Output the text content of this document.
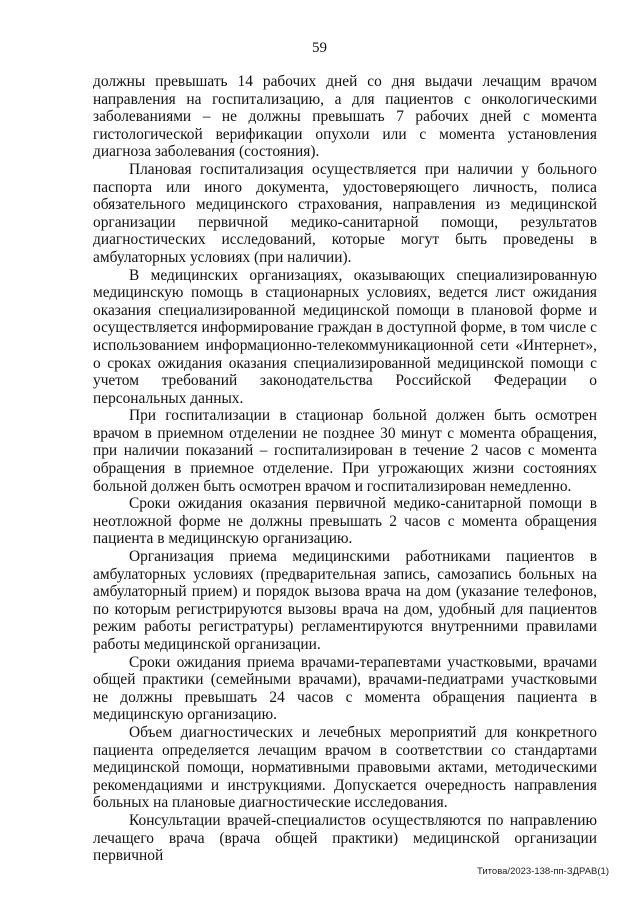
59

должны превышать 14 рабочих дней со дня выдачи лечащим врачом направления на госпитализацию, а для пациентов с онкологическими заболеваниями – не должны превышать 7 рабочих дней с момента гистологической верификации опухоли или с момента установления диагноза заболевания (состояния).

Плановая госпитализация осуществляется при наличии у больного паспорта или иного документа, удостоверяющего личность, полиса обязательного медицинского страхования, направления из медицинской организации первичной медико-санитарной помощи, результатов диагностических исследований, которые могут быть проведены в амбулаторных условиях (при наличии).

В медицинских организациях, оказывающих специализированную медицинскую помощь в стационарных условиях, ведется лист ожидания оказания специализированной медицинской помощи в плановой форме и осуществляется информирование граждан в доступной форме, в том числе с использованием информационно-телекоммуникационной сети «Интернет», о сроках ожидания оказания специализированной медицинской помощи с учетом требований законодательства Российской Федерации о персональных данных.

При госпитализации в стационар больной должен быть осмотрен врачом в приемном отделении не позднее 30 минут с момента обращения, при наличии показаний – госпитализирован в течение 2 часов с момента обращения в приемное отделение. При угрожающих жизни состояниях больной должен быть осмотрен врачом и госпитализирован немедленно.

Сроки ожидания оказания первичной медико-санитарной помощи в неотложной форме не должны превышать 2 часов с момента обращения пациента в медицинскую организацию.

Организация приема медицинскими работниками пациентов в амбулаторных условиях (предварительная запись, самозапись больных на амбулаторный прием) и порядок вызова врача на дом (указание телефонов, по которым регистрируются вызовы врача на дом, удобный для пациентов режим работы регистратуры) регламентируются внутренними правилами работы медицинской организации.

Сроки ожидания приема врачами-терапевтами участковыми, врачами общей практики (семейными врачами), врачами-педиатрами участковыми не должны превышать 24 часов с момента обращения пациента в медицинскую организацию.

Объем диагностических и лечебных мероприятий для конкретного пациента определяется лечащим врачом в соответствии со стандартами медицинской помощи, нормативными правовыми актами, методическими рекомендациями и инструкциями. Допускается очередность направления больных на плановые диагностические исследования.

Консультации врачей-специалистов осуществляются по направлению лечащего врача (врача общей практики) медицинской организации первичной

Титова/2023-138-пп-ЗДРАВ(1)
